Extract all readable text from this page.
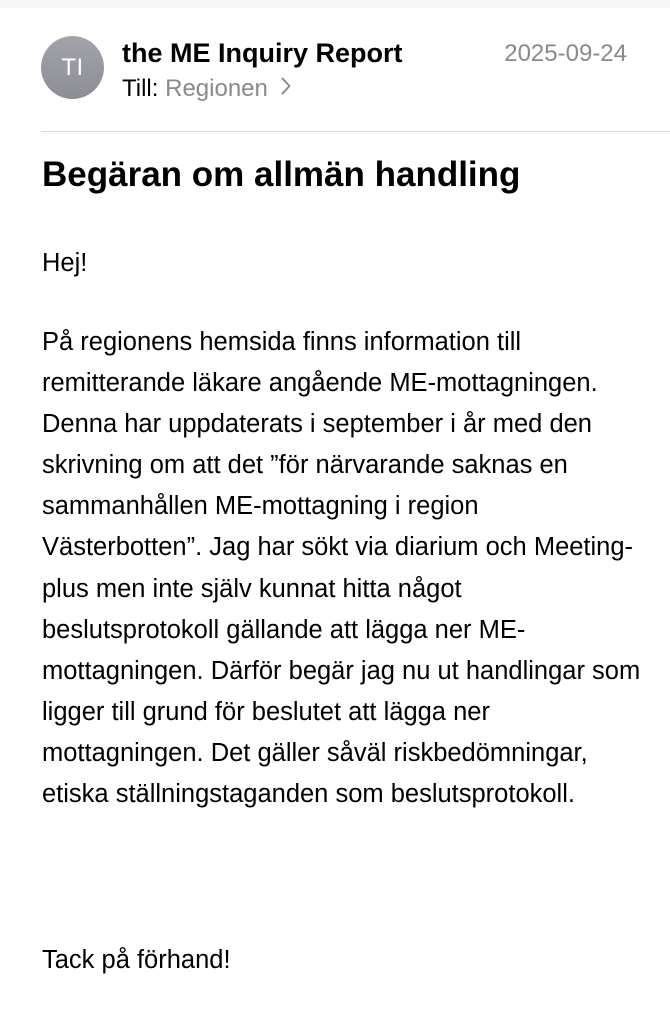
TI	the ME Inquiry Report	2025-09-24
Till: Regionen
Begäran om allmän handling
Hej!
På regionens hemsida finns information till remitterande läkare angående ME-mottagningen. Denna har uppdaterats i september i år med den skrivning om att det ”för närvarande saknas en sammanhållen ME-mottagning i region Västerbotten”. Jag har sökt via diarium och Meeting-plus men inte själv kunnat hitta något beslutsprotokoll gällande att lägga ner ME-mottagningen. Därför begär jag nu ut handlingar som ligger till grund för beslutet att lägga ner mottagningen. Det gäller såväl riskbedömningar, etiska ställningstaganden som beslutsprotokoll.
Tack på förhand!
